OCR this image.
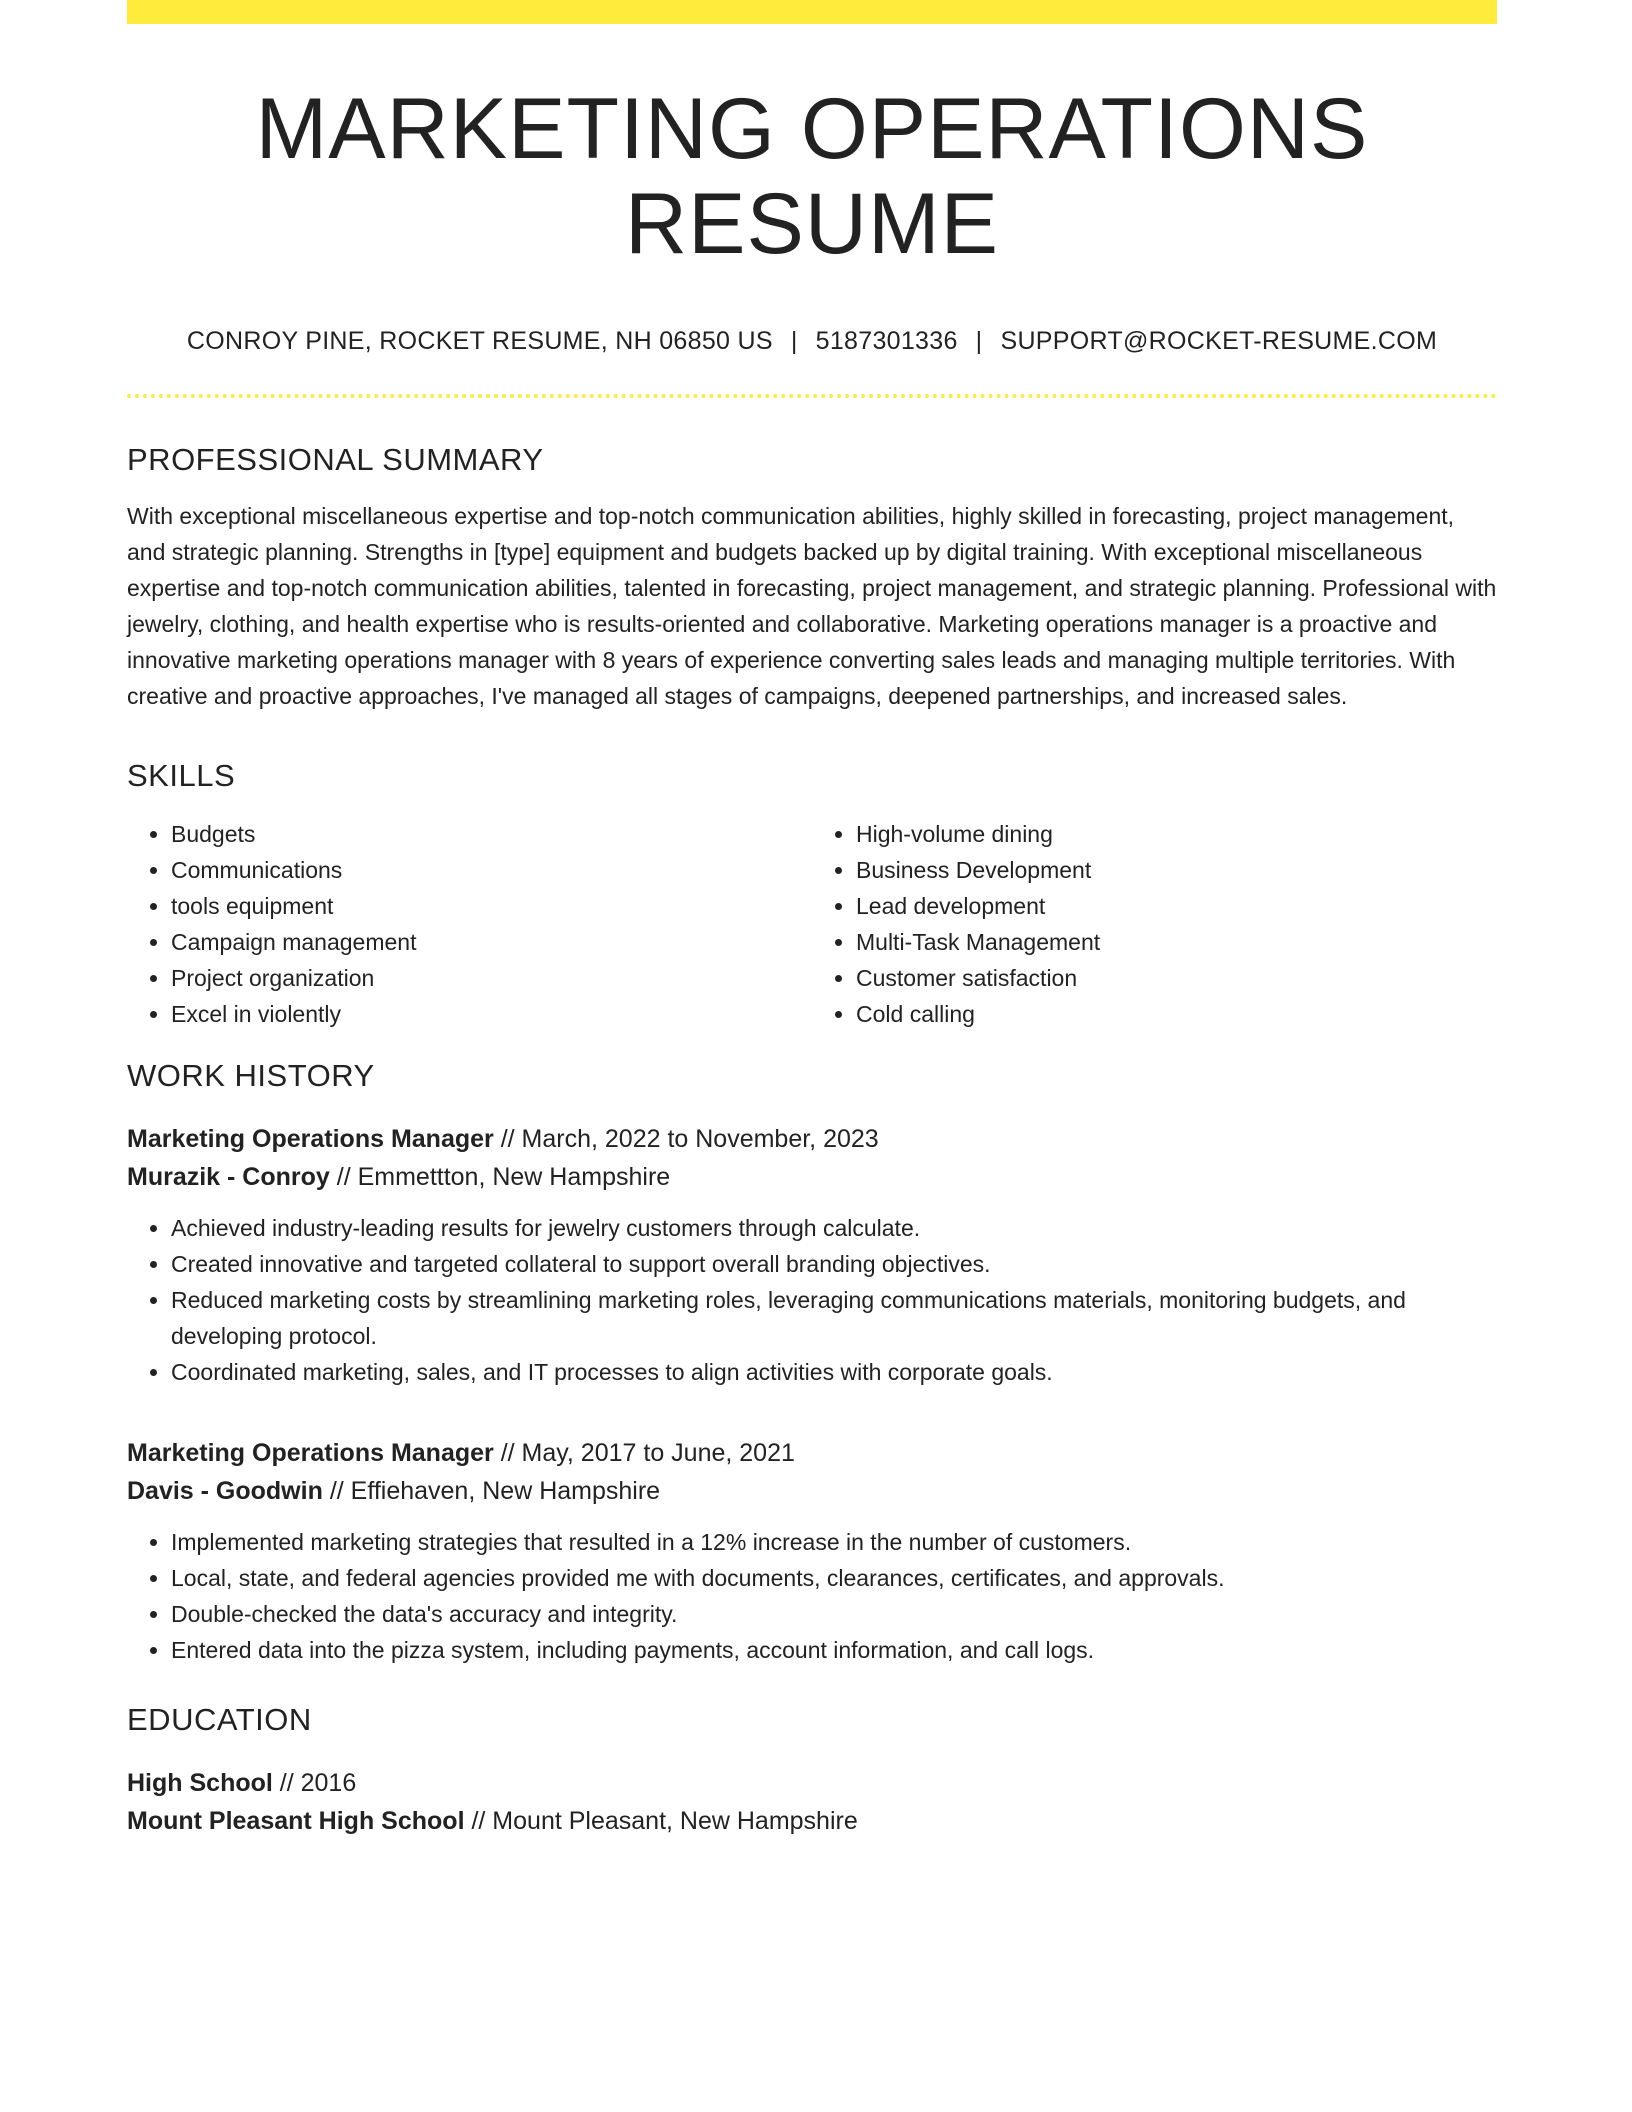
MARKETING OPERATIONS RESUME
CONROY PINE, ROCKET RESUME, NH 06850 US | 5187301336 | SUPPORT@ROCKET-RESUME.COM
PROFESSIONAL SUMMARY
With exceptional miscellaneous expertise and top-notch communication abilities, highly skilled in forecasting, project management, and strategic planning. Strengths in [type] equipment and budgets backed up by digital training. With exceptional miscellaneous expertise and top-notch communication abilities, talented in forecasting, project management, and strategic planning. Professional with jewelry, clothing, and health expertise who is results-oriented and collaborative. Marketing operations manager is a proactive and innovative marketing operations manager with 8 years of experience converting sales leads and managing multiple territories. With creative and proactive approaches, I've managed all stages of campaigns, deepened partnerships, and increased sales.
SKILLS
• Budgets
• Communications
• tools equipment
• Campaign management
• Project organization
• Excel in violently
• High-volume dining
• Business Development
• Lead development
• Multi-Task Management
• Customer satisfaction
• Cold calling
WORK HISTORY
Marketing Operations Manager // March, 2022 to November, 2023
Murazik - Conroy // Emmettton, New Hampshire
• Achieved industry-leading results for jewelry customers through calculate.
• Created innovative and targeted collateral to support overall branding objectives.
• Reduced marketing costs by streamlining marketing roles, leveraging communications materials, monitoring budgets, and developing protocol.
• Coordinated marketing, sales, and IT processes to align activities with corporate goals.
Marketing Operations Manager // May, 2017 to June, 2021
Davis - Goodwin // Effiehaven, New Hampshire
• Implemented marketing strategies that resulted in a 12% increase in the number of customers.
• Local, state, and federal agencies provided me with documents, clearances, certificates, and approvals.
• Double-checked the data's accuracy and integrity.
• Entered data into the pizza system, including payments, account information, and call logs.
EDUCATION
High School // 2016
Mount Pleasant High School // Mount Pleasant, New Hampshire
